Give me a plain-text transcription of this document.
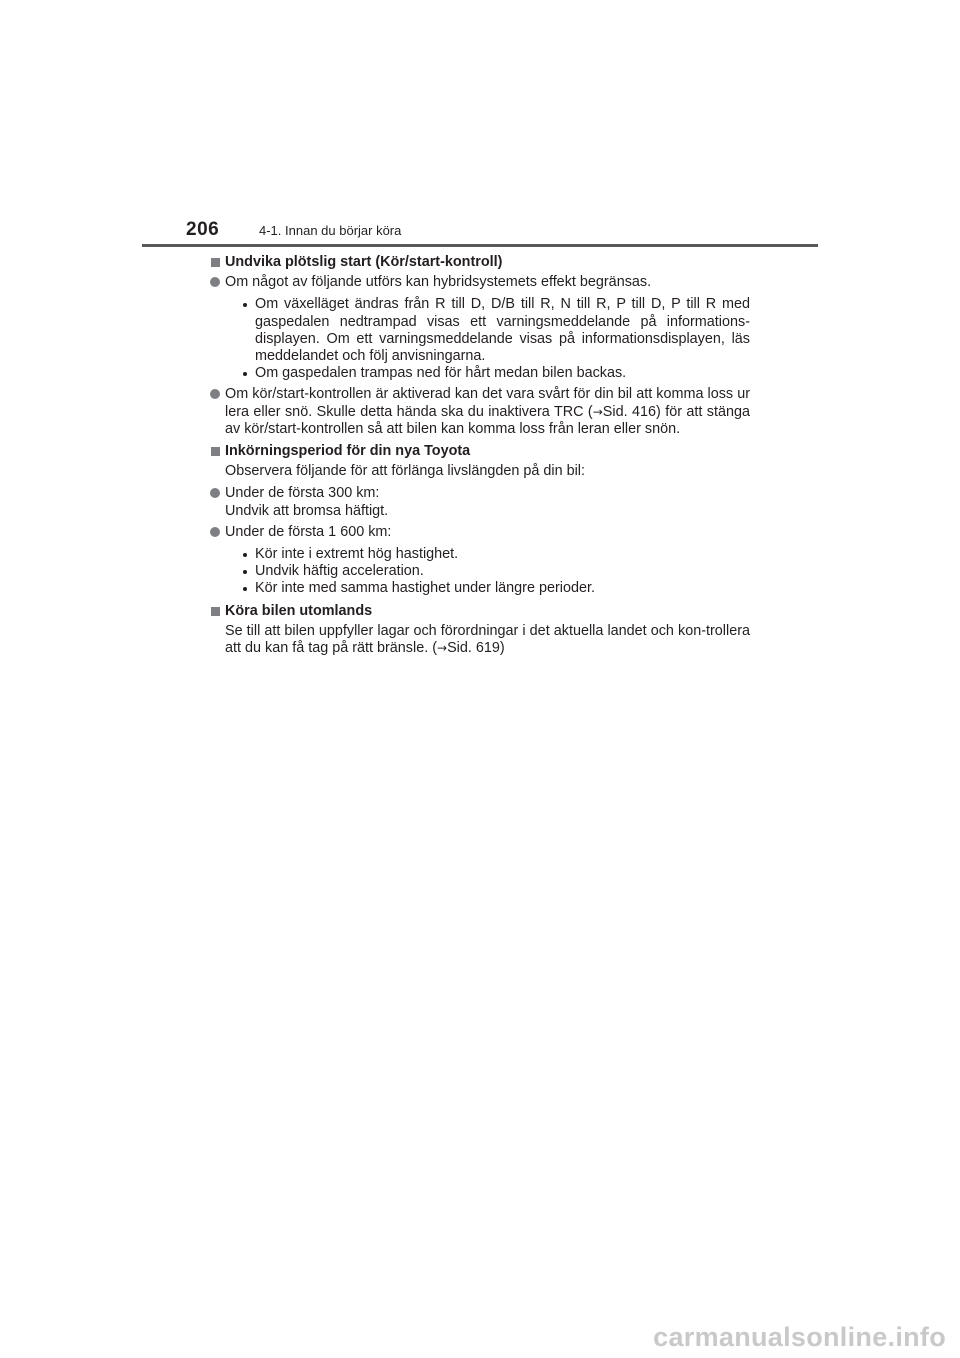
206	4-1. Innan du börjar köra
Undvika plötslig start (Kör/start-kontroll)
Om något av följande utförs kan hybridsystemets effekt begränsas.
Om växelläget ändras från R till D, D/B till R, N till R, P till D, P till R med gaspedalen nedtrampad visas ett varningsmeddelande på informations-displayen. Om ett varningsmeddelande visas på informationsdisplayen, läs meddelandet och följ anvisningarna.
Om gaspedalen trampas ned för hårt medan bilen backas.
Om kör/start-kontrollen är aktiverad kan det vara svårt för din bil att komma loss ur lera eller snö. Skulle detta hända ska du inaktivera TRC (→Sid. 416) för att stänga av kör/start-kontrollen så att bilen kan komma loss från leran eller snön.
Inkörningsperiod för din nya Toyota
Observera följande för att förlänga livslängden på din bil:
Under de första 300 km:
Undvik att bromsa häftigt.
Under de första 1 600 km:
Kör inte i extremt hög hastighet.
Undvik häftig acceleration.
Kör inte med samma hastighet under längre perioder.
Köra bilen utomlands
Se till att bilen uppfyller lagar och förordningar i det aktuella landet och kon-trollera att du kan få tag på rätt bränsle. (→Sid. 619)
carmanualsonline.info
